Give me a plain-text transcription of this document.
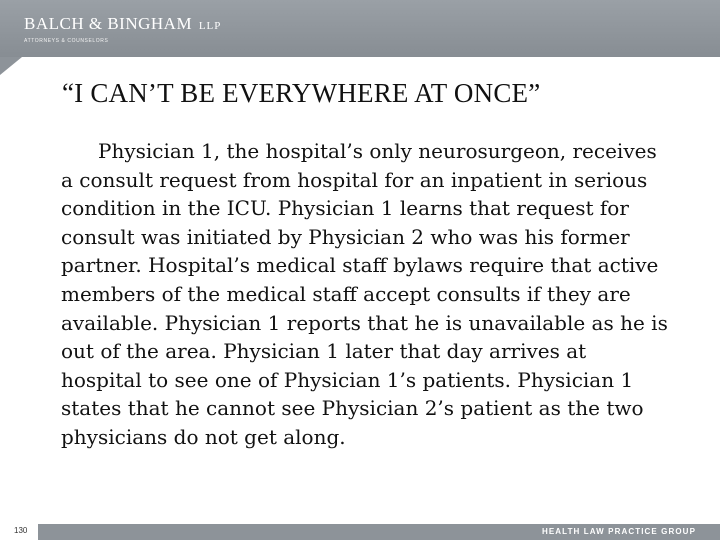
BALCH & BINGHAM LLP
ATTORNEYS & COUNSELORS
“I CAN’T BE EVERYWHERE AT ONCE”

Physician 1, the hospital’s only neurosurgeon, receives a consult request from hospital for an inpatient in serious condition in the ICU. Physician 1 learns that request for consult was initiated by Physician 2 who was his former partner. Hospital’s medical staff bylaws require that active members of the medical staff accept consults if they are available. Physician 1 reports that he is unavailable as he is out of the area. Physician 1 later that day arrives at hospital to see one of Physician 1’s patients. Physician 1 states that he cannot see Physician 2’s patient as the two physicians do not get along.

130	HEALTH LAW PRACTICE GROUP
